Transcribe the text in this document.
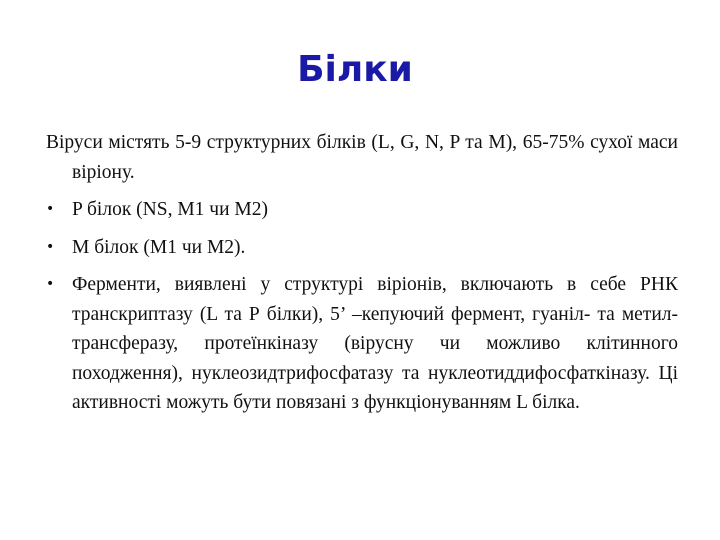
Білки

Віруси містять 5-9 структурних білків (L, G, N, P та M), 65-75% сухої маси віріону.

• P білок (NS, M1 чи M2)
• M білок (M1 чи M2).
• Ферменти, виявлені у структурі віріонів, включають в себе РНК транскриптазу (L та Р білки), 5’ –кепуючий фермент, гуаніл- та метил-трансферазу, протеїнкіназу (вірусну чи можливо клітинного походження), нуклеозидтрифосфатазу та нуклеотиддифосфаткіназу. Ці активності можуть бути повязані з функціонуванням L білка.
